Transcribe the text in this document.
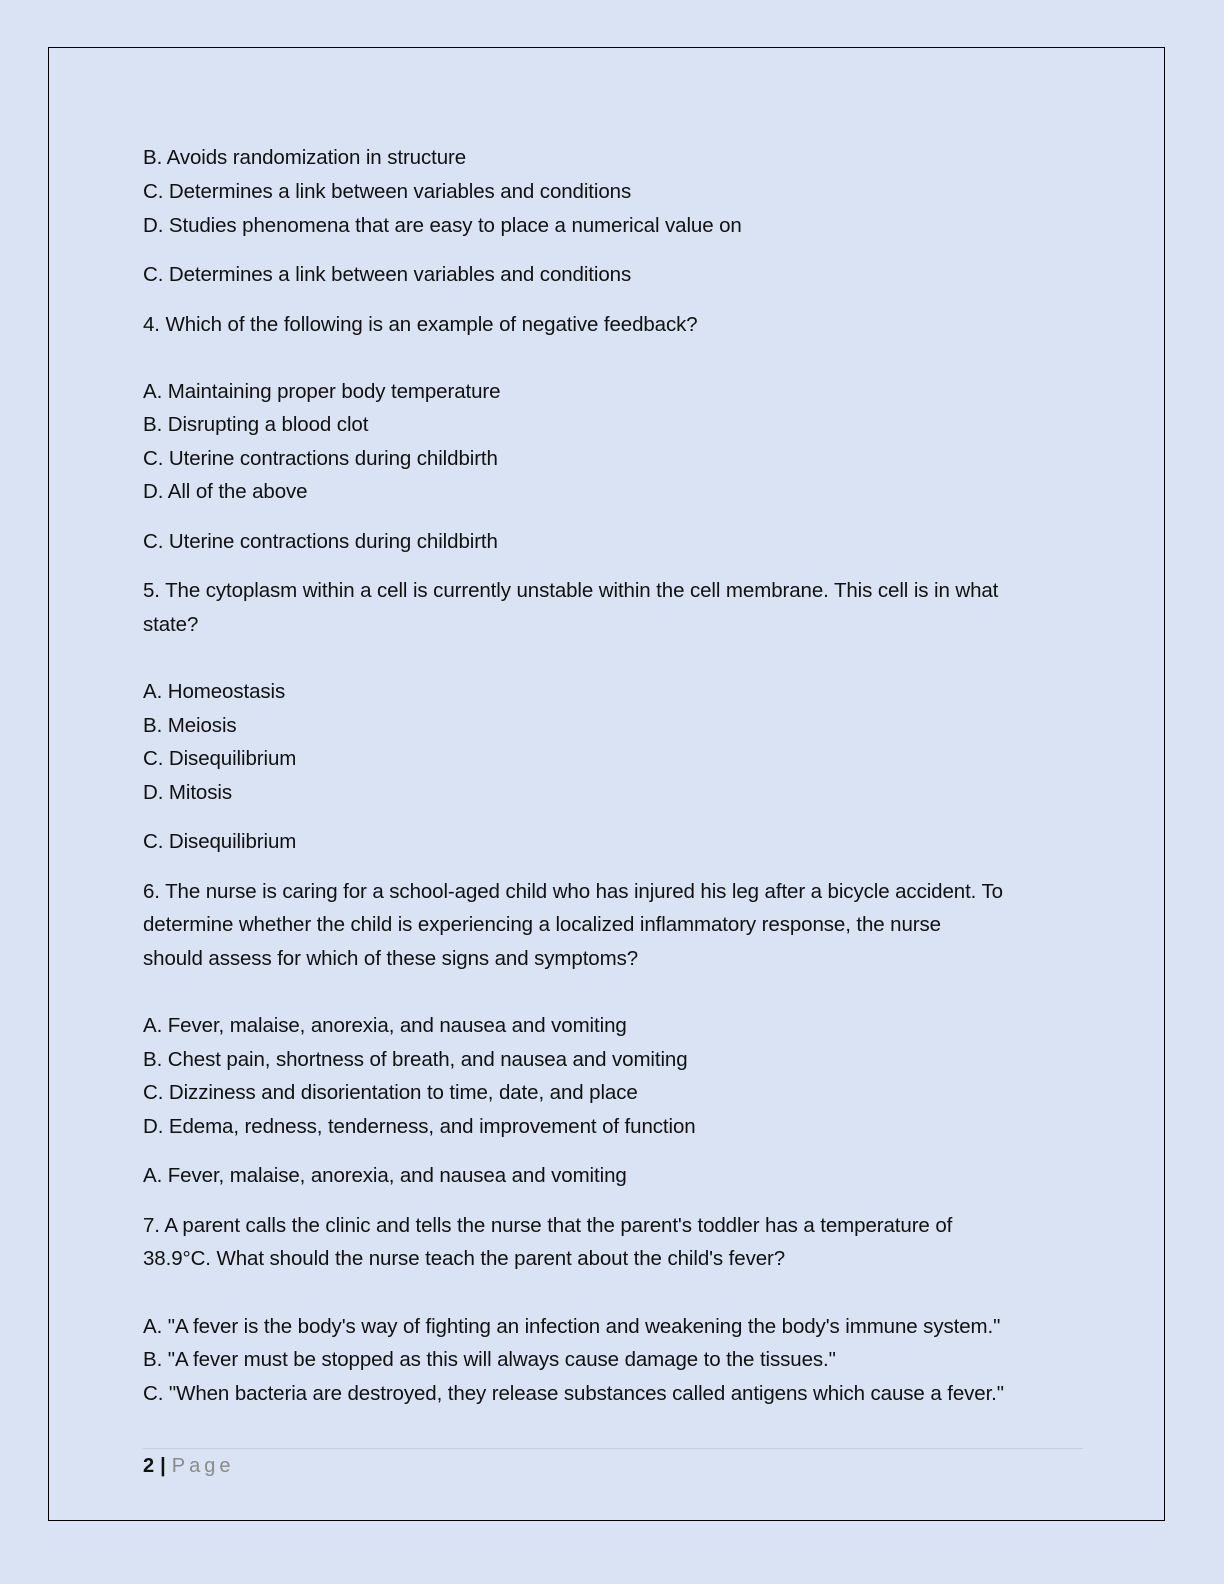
B. Avoids randomization in structure
C. Determines a link between variables and conditions
D. Studies phenomena that are easy to place a numerical value on
C. Determines a link between variables and conditions
4. Which of the following is an example of negative feedback?
A. Maintaining proper body temperature
B. Disrupting a blood clot
C. Uterine contractions during childbirth
D. All of the above
C. Uterine contractions during childbirth
5. The cytoplasm within a cell is currently unstable within the cell membrane. This cell is in what
state?
A. Homeostasis
B. Meiosis
C. Disequilibrium
D. Mitosis
C. Disequilibrium
6. The nurse is caring for a school-aged child who has injured his leg after a bicycle accident. To
determine whether the child is experiencing a localized inflammatory response, the nurse
should assess for which of these signs and symptoms?
A. Fever, malaise, anorexia, and nausea and vomiting
B. Chest pain, shortness of breath, and nausea and vomiting
C. Dizziness and disorientation to time, date, and place
D. Edema, redness, tenderness, and improvement of function
A. Fever, malaise, anorexia, and nausea and vomiting
7. A parent calls the clinic and tells the nurse that the parent's toddler has a temperature of
38.9°C. What should the nurse teach the parent about the child's fever?
A. "A fever is the body's way of fighting an infection and weakening the body's immune system."
B. "A fever must be stopped as this will always cause damage to the tissues."
C. "When bacteria are destroyed, they release substances called antigens which cause a fever."
2 | Page
